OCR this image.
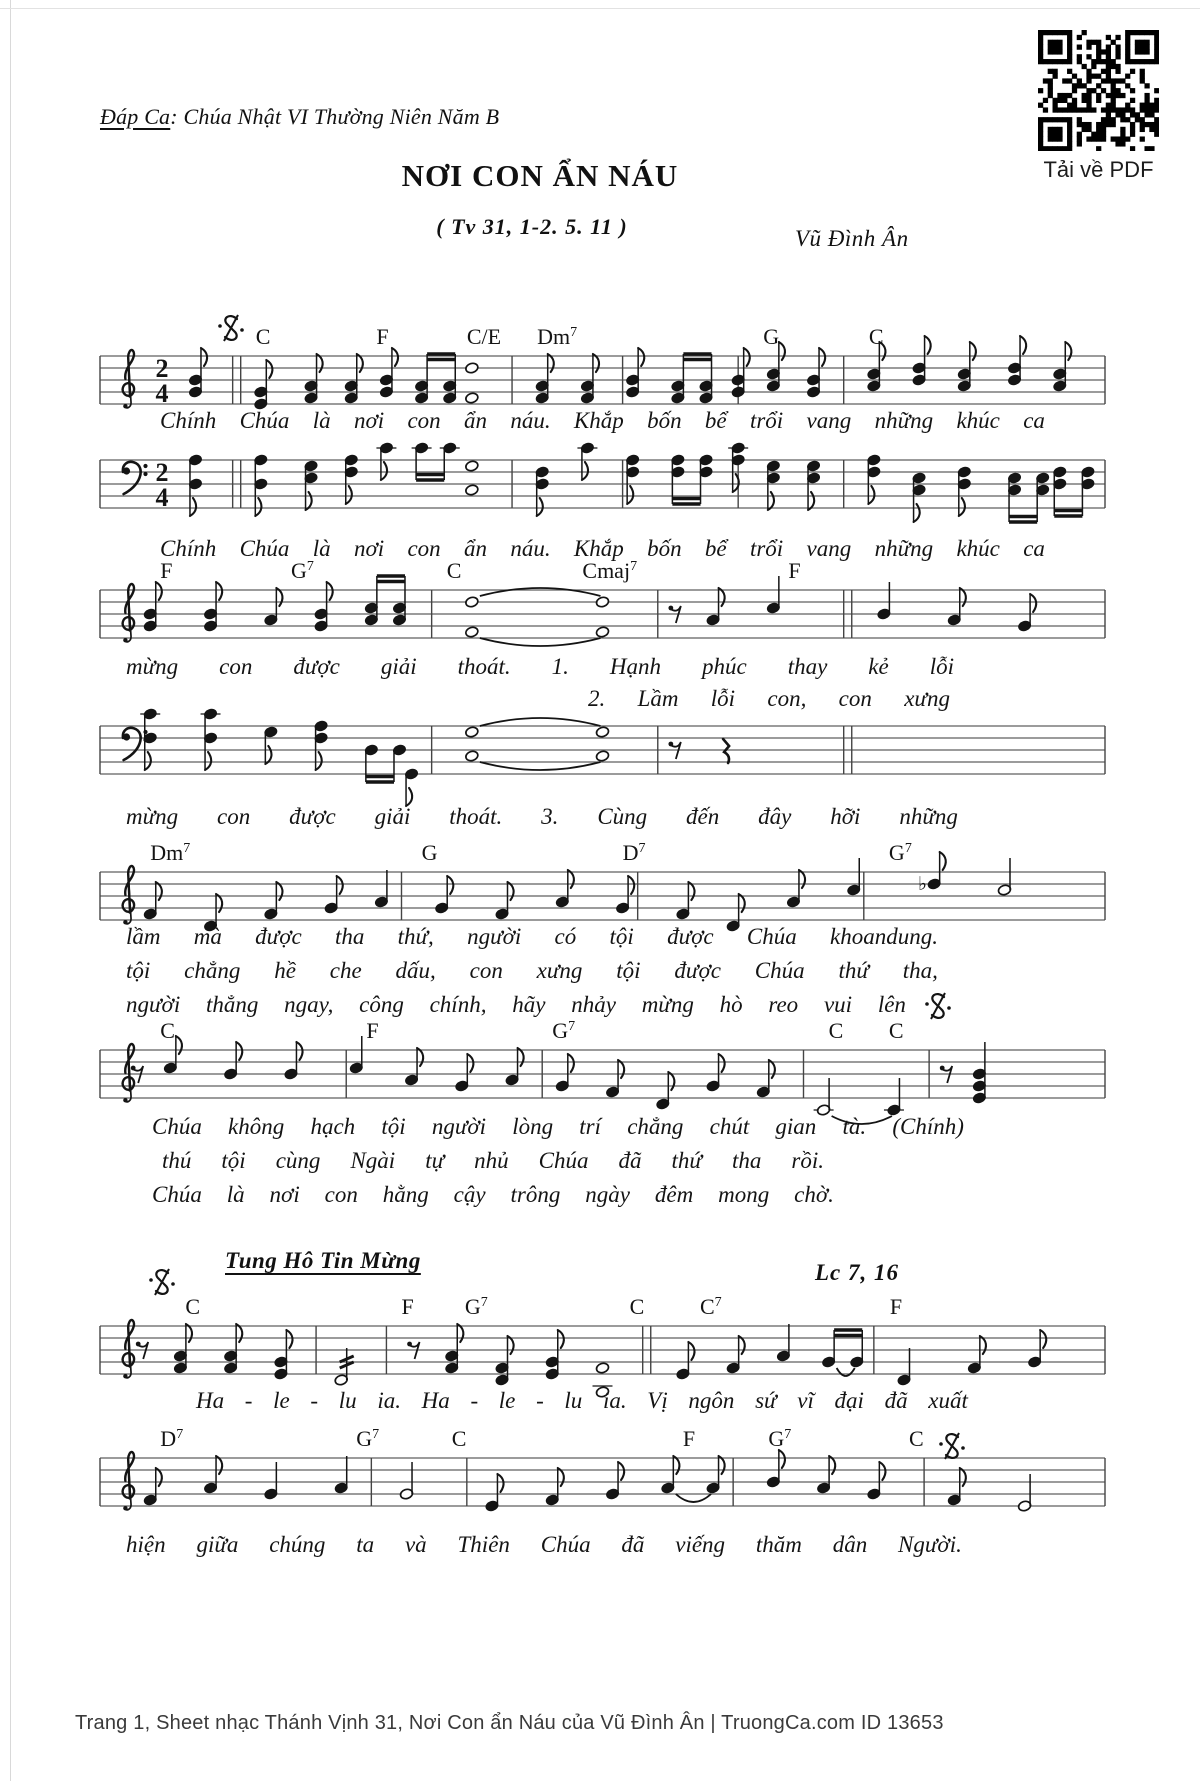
Đáp Ca: Chúa Nhật VI Thường Niên Năm B
Tải về PDF
NƠI CON ẨN NÁU
( Tv 31, 1-2. 5. 11 )	Vũ Đình Ân
2
4
C	F	C/E Dm$^7$	G	C
2
4
F	$G^7$	C	Cmaj$^7$	F
♭
Dm$^7$	G	$D^7$	$G^7$
C	F	$G^7$	C C
C	F $G^7$	C	$C^7$	F
$D^7$	$G^7$	C	F	$G^7$	C
Chính Chúa là nơi con ẩn náu. Khắp bốn bể trổi vang những khúc ca
Chính Chúa là nơi con ẩn náu. Khắp bốn bể trổi vang những khúc ca
mừng con được giải thoát. 1. Hạnh phúc thay kẻ lỗi
2. Lầm lỗi con, con xưng
mừng con được giải thoát. 3. Cùng đến đây hỡi những
lầm mà được tha thứ, người có tội được Chúa khoandung.
tội chẳng hề che dấu, con xưng tội được Chúa thứ tha,
người thẳng ngay, công chính, hãy nhảy mừng hò reo vui lên
Chúa không hạch tội người lòng trí chẳng chút gian tà. (Chính)
thú tội cùng Ngài tự nhủ Chúa đã thứ tha rồi.
Chúa là nơi con hằng cậy trông ngày đêm mong chờ.
Ha - le - lu ia. Ha - le - lu ia. Vị ngôn sứ vĩ đại đã xuất
hiện giữa chúng ta và Thiên Chúa đã viếng thăm dân Người.
Tung Hô Tin Mừng	Lc 7, 16
Trang 1, Sheet nhạc Thánh Vịnh 31, Nơi Con ẩn Náu của Vũ Đình Ân | TruongCa.com ID 13653
